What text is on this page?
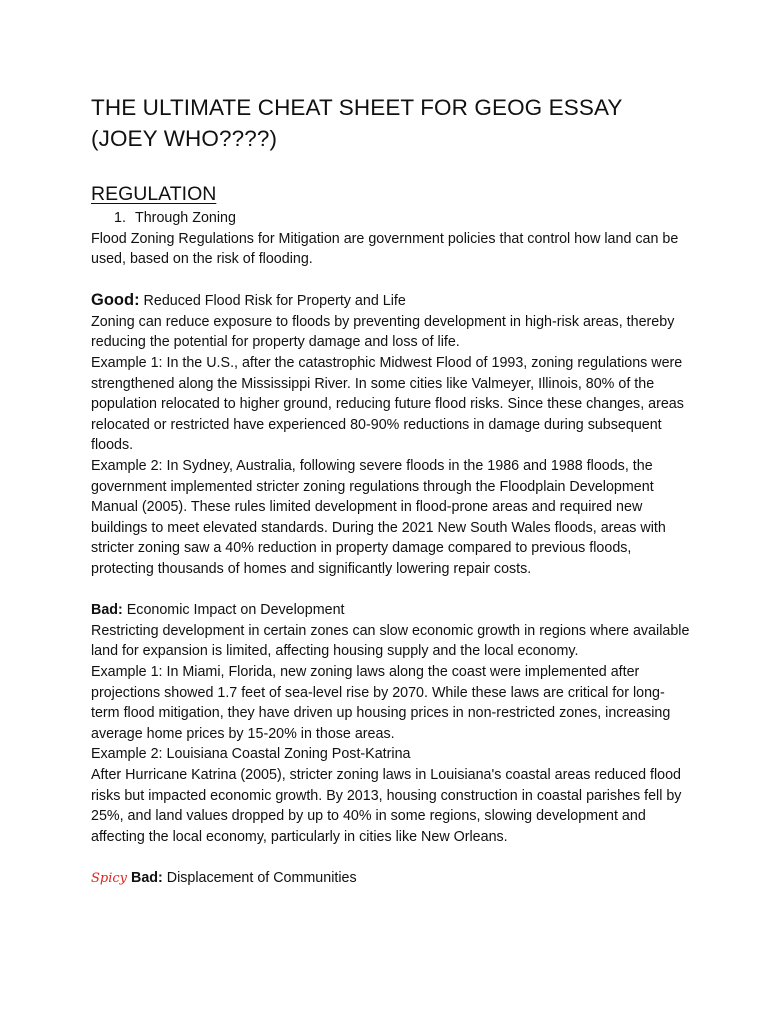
THE ULTIMATE CHEAT SHEET FOR GEOG ESSAY
(JOEY WHO????)
REGULATION
1. Through Zoning

Flood Zoning Regulations for Mitigation are government policies that control how land can be used, based on the risk of flooding.

Good: Reduced Flood Risk for Property and Life

Zoning can reduce exposure to floods by preventing development in high-risk areas, thereby reducing the potential for property damage and loss of life.

Example 1: In the U.S., after the catastrophic Midwest Flood of 1993, zoning regulations were strengthened along the Mississippi River. In some cities like Valmeyer, Illinois, 80% of the population relocated to higher ground, reducing future flood risks. Since these changes, areas relocated or restricted have experienced 80-90% reductions in damage during subsequent floods.

Example 2: In Sydney, Australia, following severe floods in the 1986 and 1988 floods, the government implemented stricter zoning regulations through the Floodplain Development Manual (2005). These rules limited development in flood-prone areas and required new buildings to meet elevated standards. During the 2021 New South Wales floods, areas with stricter zoning saw a 40% reduction in property damage compared to previous floods, protecting thousands of homes and significantly lowering repair costs.

Bad: Economic Impact on Development

Restricting development in certain zones can slow economic growth in regions where available land for expansion is limited, affecting housing supply and the local economy.

Example 1: In Miami, Florida, new zoning laws along the coast were implemented after projections showed 1.7 feet of sea-level rise by 2070. While these laws are critical for long-term flood mitigation, they have driven up housing prices in non-restricted zones, increasing average home prices by 15-20% in those areas.

Example 2: Louisiana Coastal Zoning Post-Katrina

After Hurricane Katrina (2005), stricter zoning laws in Louisiana's coastal areas reduced flood risks but impacted economic growth. By 2013, housing construction in coastal parishes fell by 25%, and land values dropped by up to 40% in some regions, slowing development and affecting the local economy, particularly in cities like New Orleans.

Spicy Bad: Displacement of Communities
